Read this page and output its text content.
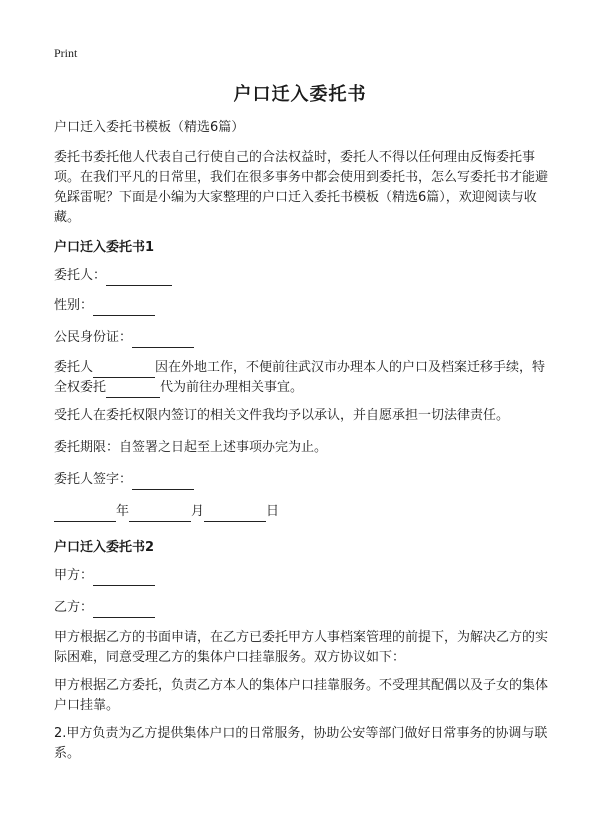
Print
户口迁入委托书

户口迁入委托书模板（精选6篇）

委托书委托他人代表自己行使自己的合法权益时，委托人不得以任何理由反悔委托事项。在我们平凡的日常里，我们在很多事务中都会使用到委托书，怎么写委托书才能避免踩雷呢？下面是小编为大家整理的户口迁入委托书模板（精选6篇），欢迎阅读与收藏。

户口迁入委托书1

委托人：

性别：

公民身份证：

委托人	因在外地工作，不便前往武汉市办理本人的户口及档案迁移手续，特全权委托	代为前往办理相关事宜。

受托人在委托权限内签订的相关文件我均予以承认，并自愿承担一切法律责任。

委托期限：自签署之日起至上述事项办完为止。

委托人签字：

年	月	日

户口迁入委托书2

甲方：

乙方：

甲方根据乙方的书面申请，在乙方已委托甲方人事档案管理的前提下，为解决乙方的实际困难，同意受理乙方的集体户口挂靠服务。双方协议如下：

甲方根据乙方委托，负责乙方本人的集体户口挂靠服务。不受理其配偶以及子女的集体户口挂靠。

2.甲方负责为乙方提供集体户口的日常服务，协助公安等部门做好日常事务的协调与联系。
